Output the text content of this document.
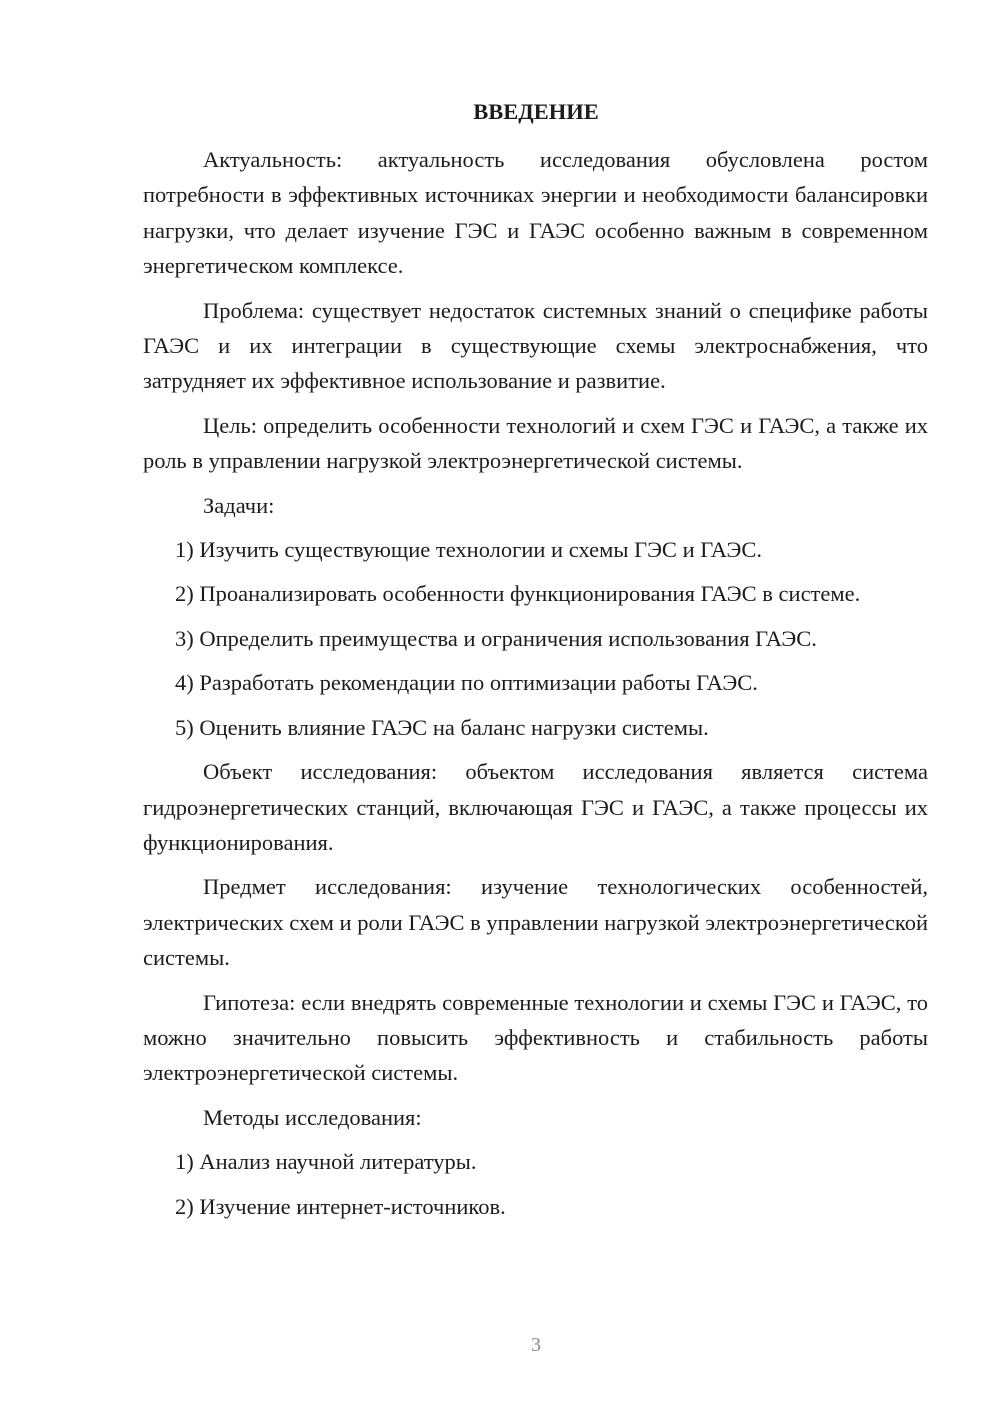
ВВЕДЕНИЕ

Актуальность: актуальность исследования обусловлена ростом потребности в эффективных источниках энергии и необходимости балансировки нагрузки, что делает изучение ГЭС и ГАЭС особенно важным в современном энергетическом комплексе.

Проблема: существует недостаток системных знаний о специфике работы ГАЭС и их интеграции в существующие схемы электроснабжения, что затрудняет их эффективное использование и развитие.

Цель: определить особенности технологий и схем ГЭС и ГАЭС, а также их роль в управлении нагрузкой электроэнергетической системы.

Задачи:

1) Изучить существующие технологии и схемы ГЭС и ГАЭС.

2) Проанализировать особенности функционирования ГАЭС в системе.

3) Определить преимущества и ограничения использования ГАЭС.

4) Разработать рекомендации по оптимизации работы ГАЭС.

5) Оценить влияние ГАЭС на баланс нагрузки системы.

Объект исследования: объектом исследования является система гидроэнергетических станций, включающая ГЭС и ГАЭС, а также процессы их функционирования.

Предмет исследования: изучение технологических особенностей, электрических схем и роли ГАЭС в управлении нагрузкой электроэнергетической системы.

Гипотеза: если внедрять современные технологии и схемы ГЭС и ГАЭС, то можно значительно повысить эффективность и стабильность работы электроэнергетической системы.

Методы исследования:

1) Анализ научной литературы.

2) Изучение интернет-источников.

3
